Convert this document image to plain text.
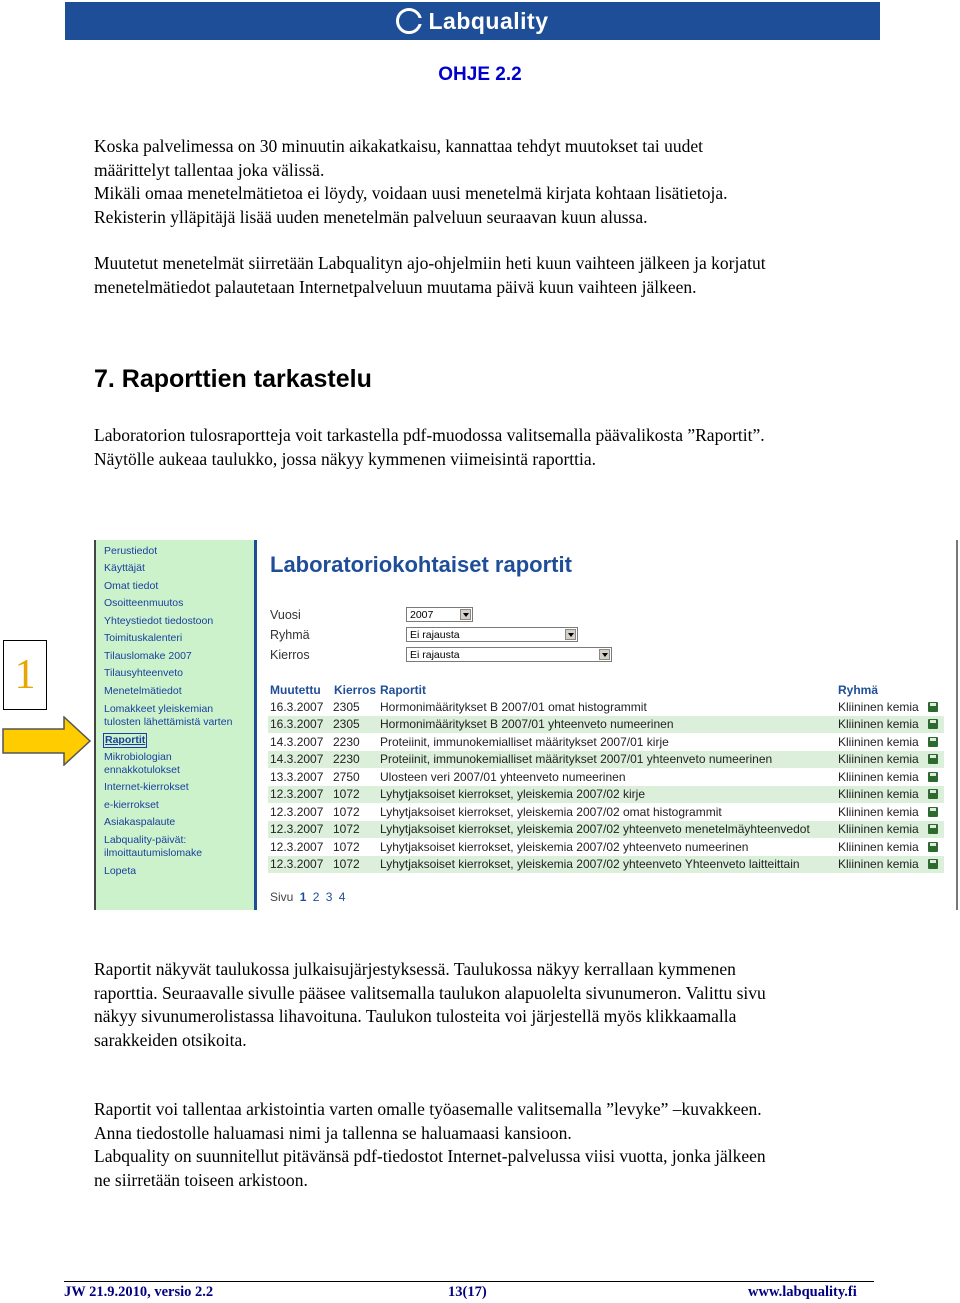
Labquality
OHJE 2.2

Koska palvelimessa on 30 minuutin aikakatkaisu, kannattaa tehdyt muutokset tai uudet

määrittelyt tallentaa joka välissä.

Mikäli omaa menetelmätietoa ei löydy, voidaan uusi menetelmä kirjata kohtaan lisätietoja.

Rekisterin ylläpitäjä lisää uuden menetelmän palveluun seuraavan kuun alussa.

Muutetut menetelmät siirretään Labqualityn ajo-ohjelmiin heti kuun vaihteen jälkeen ja korjatut

menetelmätiedot palautetaan Internetpalveluun muutama päivä kuun vaihteen jälkeen.

7. Raporttien tarkastelu

Laboratorion tulosraportteja voit tarkastella pdf-muodossa valitsemalla päävalikosta ”Raportit”.

Näytölle aukeaa taulukko, jossa näkyy kymmenen viimeisintä raporttia.

1
Perustiedot
Käyttäjät
Omat tiedot
Osoitteenmuutos
Yhteystiedot tiedostoon
Toimituskalenteri
Tilauslomake 2007
Tilausyhteenveto
Menetelmätiedot
Lomakkeet yleiskemian
tulosten lähettämistä varten
Raportit
Mikrobiologian
ennakkotulokset
Internet-kierrokset
e-kierrokset
Asiakaspalaute
Labquality-päivät:
ilmoittautumislomake
Lopeta
Laboratoriokohtaiset raportit
Vuosi	2007
Ryhmä	Ei rajausta
Kierros	Ei rajausta
Muutettu Kierros Raportit	Ryhmä
16.3.2007 2305	Hormonimääritykset B 2007/01 omat histogrammit	Kliininen kemia
16.3.2007 2305	Hormonimääritykset B 2007/01 yhteenveto numeerinen	Kliininen kemia
14.3.2007 2230	Proteiinit, immunokemialliset määritykset 2007/01 kirje	Kliininen kemia
14.3.2007 2230	Proteiinit, immunokemialliset määritykset 2007/01 yhteenveto numeerinen	Kliininen kemia
13.3.2007 2750	Ulosteen veri 2007/01 yhteenveto numeerinen	Kliininen kemia
12.3.2007 1072	Lyhytjaksoiset kierrokset, yleiskemia 2007/02 kirje	Kliininen kemia
12.3.2007 1072	Lyhytjaksoiset kierrokset, yleiskemia 2007/02 omat histogrammit	Kliininen kemia
12.3.2007 1072	Lyhytjaksoiset kierrokset, yleiskemia 2007/02 yhteenveto menetelmäyhteenvedot	Kliininen kemia
12.3.2007 1072	Lyhytjaksoiset kierrokset, yleiskemia 2007/02 yhteenveto numeerinen	Kliininen kemia
12.3.2007 1072	Lyhytjaksoiset kierrokset, yleiskemia 2007/02 yhteenveto Yhteenveto laitteittain	Kliininen kemia
Sivu 1 2 3 4

Raportit näkyvät taulukossa julkaisujärjestyksessä. Taulukossa näkyy kerrallaan kymmenen

raporttia. Seuraavalle sivulle pääsee valitsemalla taulukon alapuolelta sivunumeron. Valittu sivu

näkyy sivunumerolistassa lihavoituna. Taulukon tulosteita voi järjestellä myös klikkaamalla

sarakkeiden otsikoita.

Raportit voi tallentaa arkistointia varten omalle työasemalle valitsemalla ”levyke” –kuvakkeen.

Anna tiedostolle haluamasi nimi ja tallenna se haluamaasi kansioon.

Labquality on suunnitellut pitävänsä pdf-tiedostot Internet-palvelussa viisi vuotta, jonka jälkeen

ne siirretään toiseen arkistoon.

JW 21.9.2010, versio 2.2	13(17)	www.labquality.fi
